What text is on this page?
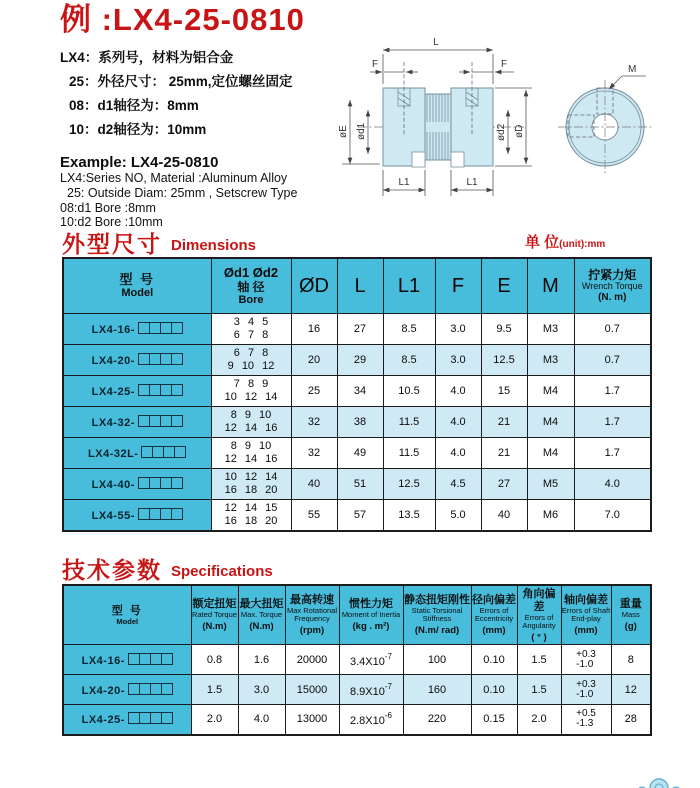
例 :LX4-25-0810
LX4：系列号，材料为铝合金
25：外径尺寸： 25mm,定位螺丝固定
08：d1轴径为：8mm
10：d2轴径为：10mm
Example: LX4-25-0810
LX4:Series NO, Material :Aluminum Alloy
25: Outside Diam: 25mm , Setscrew Type
08:d1 Bore :8mm
10:d2 Bore :10mm
L
F	F
øE ød1	ød2 øD
L1	L1
M
外型尺寸 Dimensions	单 位(unit):mm
型 号
Model	Ød1 Ød2
轴 径
Bore	ØD	L	L1	F	E	M	拧紧力矩
Wrench Torque
(N. m)

LX4-16-	3 4 5
6 7 8	16	27	8.5	3.0	9.5	M3	0.7
LX4-20-	6 7 8
9 10 12	20	29	8.5	3.0	12.5	M3	0.7
LX4-25-	7 8 9
10 12 14	25	34	10.5	4.0	15	M4	1.7
LX4-32-	8 9 10
12 14 16	32	38	11.5	4.0	21	M4	1.7
LX4-32L-	8 9 10
12 14 16	32	49	11.5	4.0	21	M4	1.7
LX4-40-	10 12 14
16 18 20	40	51	12.5	4.5	27	M5	4.0
LX4-55-	12 14 15
16 18 20	55	57	13.5	5.0	40	M6	7.0
技术参数 Specifications
型 号
Model	额定扭矩
Rated Torque
(N.m)	最大扭矩
Max. Torque
(N.m)	最高转速
Max Rotational Frequency
(rpm)	惯性力矩
Moment of Inertia
(kg . m²)	静态扭矩刚性
Static Torsional Stiffness
(N.m/ rad)	径向偏差
Errors of Eccentricity
(mm)	角向偏差
Errors of Angularity
( ° )	轴向偏差
Errors of Shaft End-play
(mm)	重量
Mass
(g)

LX4-16-	0.8	1.6	20000	$3.4X10^{-7}$	100	0.10	1.5	+0.3
-1.0	8
LX4-20-	1.5	3.0	15000	$8.9X10^{-7}$	160	0.10	1.5	+0.3
-1.0	12
LX4-25-	2.0	4.0	13000	$2.8X10^{-6}$	220	0.15	2.0	+0.5
-1.3	28
